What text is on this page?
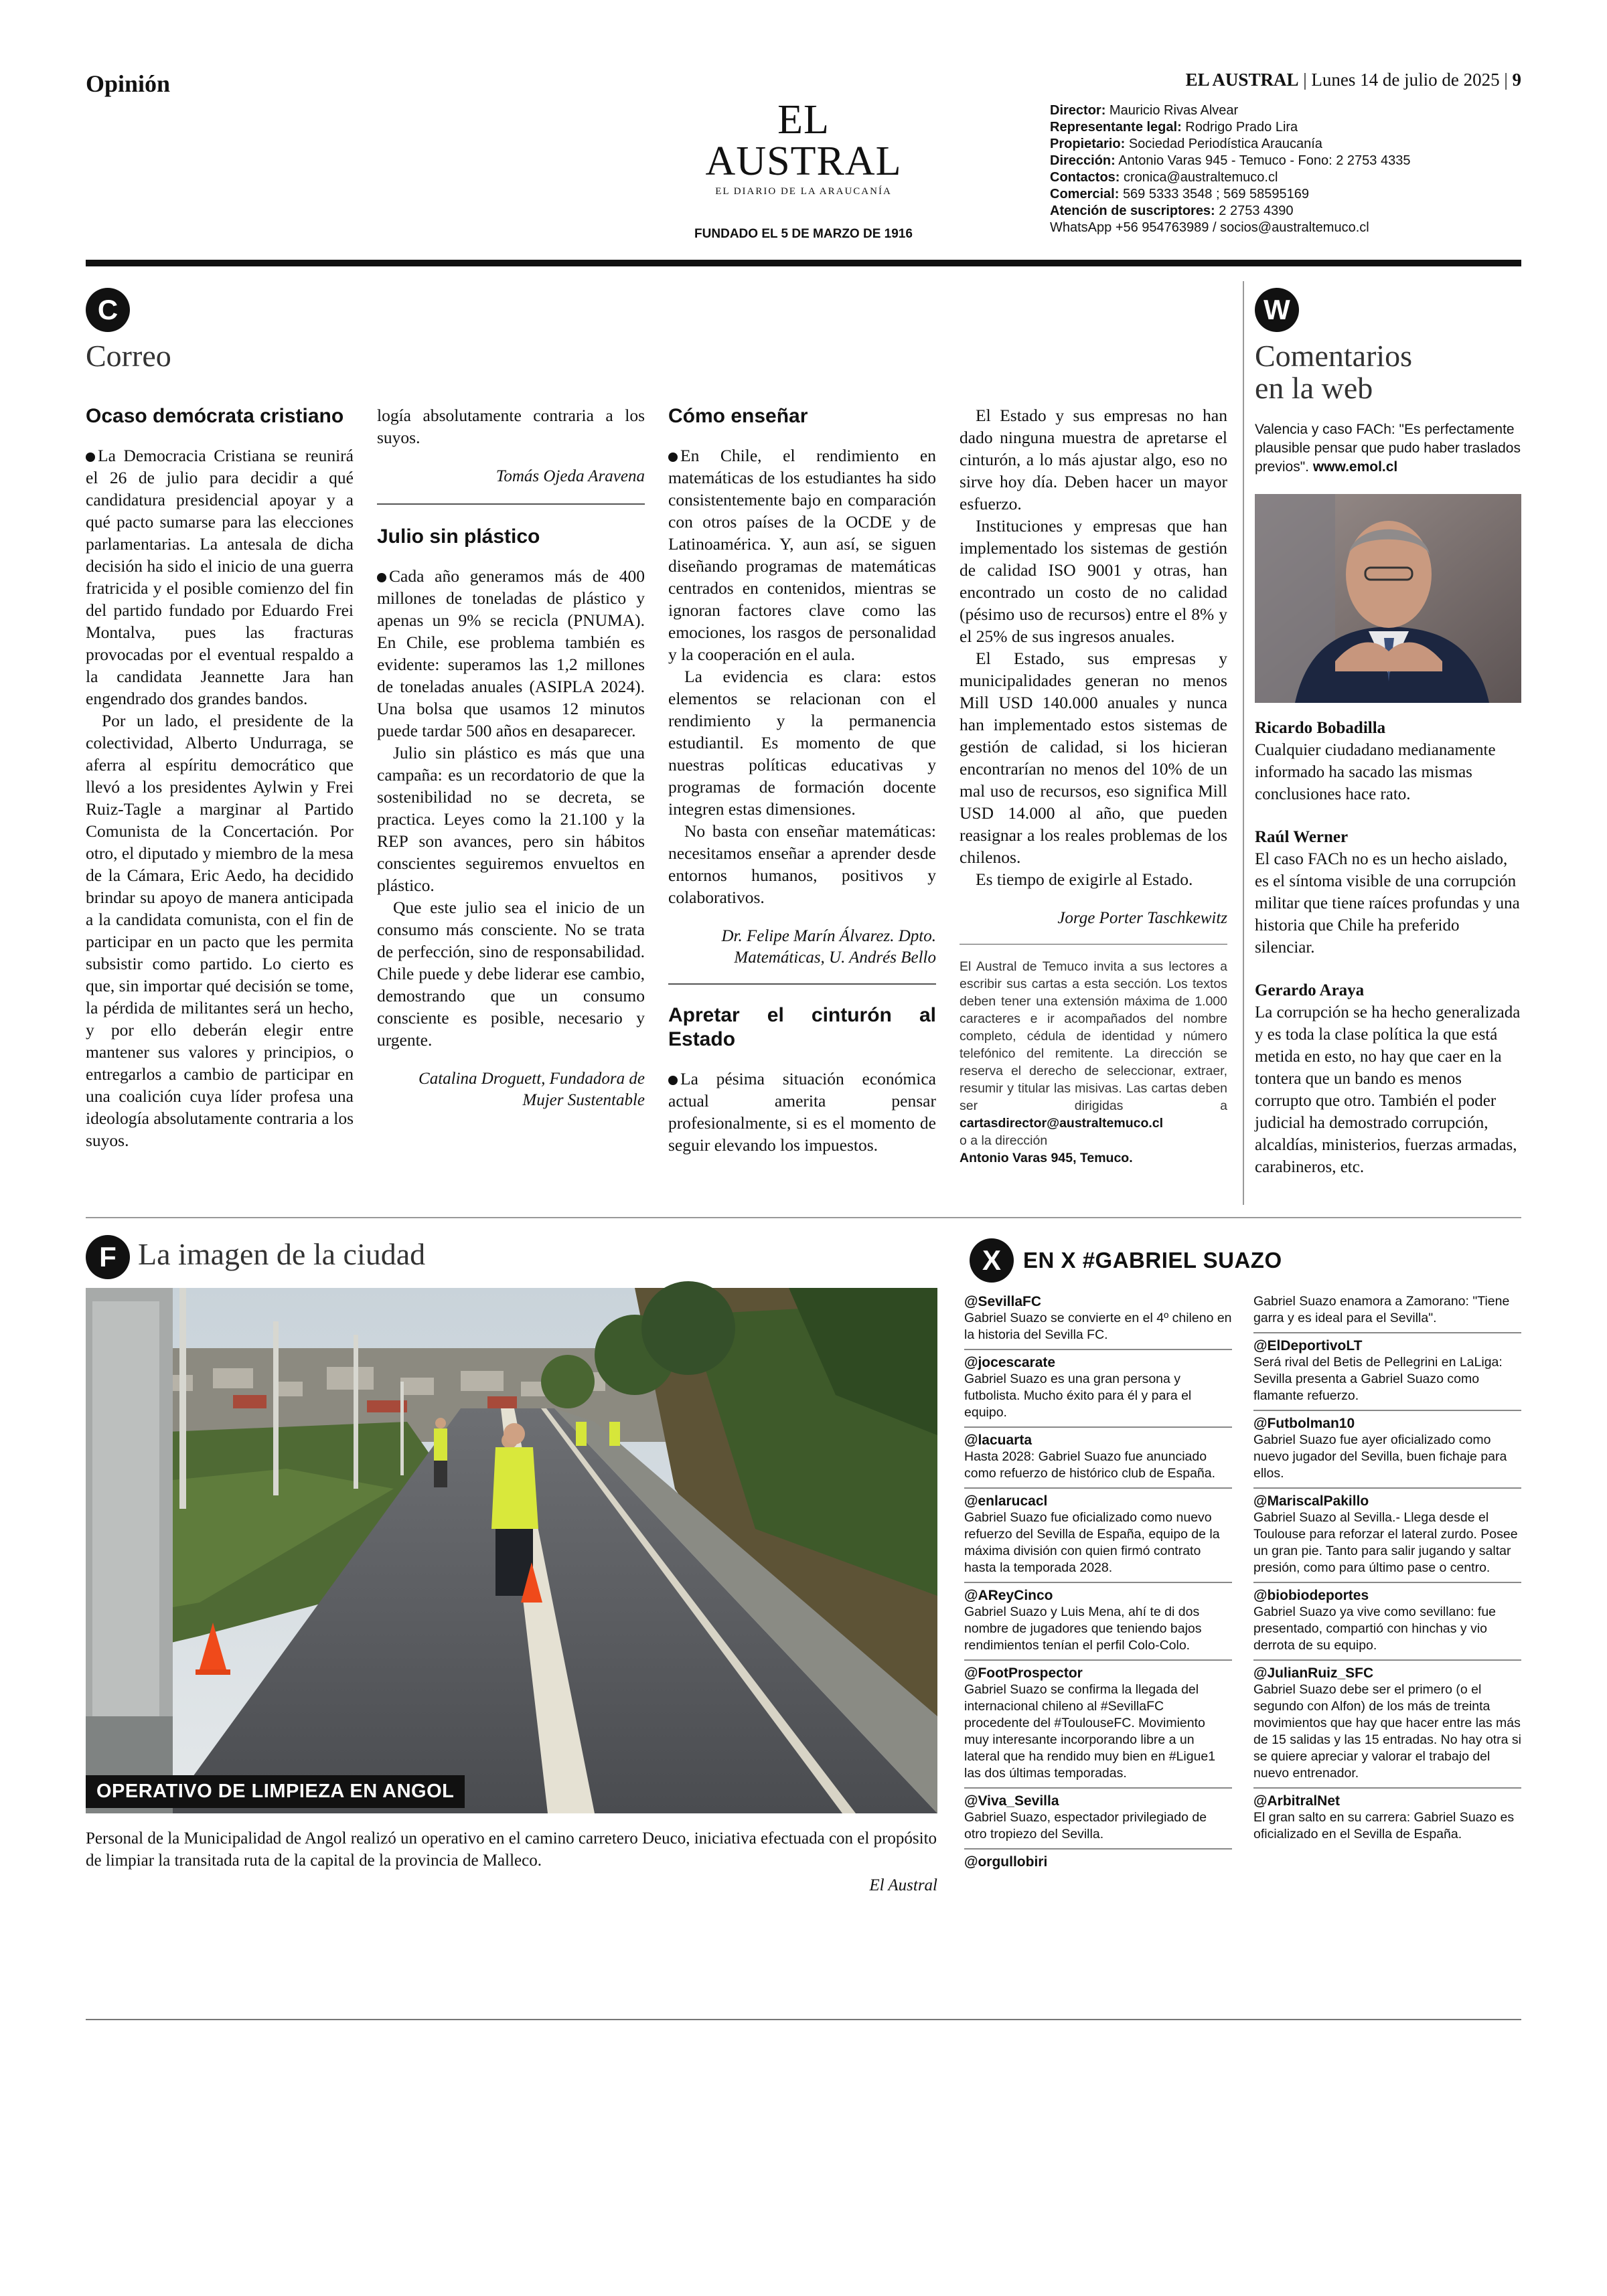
Opinión	EL AUSTRAL | Lunes 14 de julio de 2025 | 9
EL AUSTRAL
EL DIARIO DE LA ARAUCANÍA
FUNDADO EL 5 DE MARZO DE 1916
Director: Mauricio Rivas Alvear
Representante legal: Rodrigo Prado Lira
Propietario: Sociedad Periodística Araucanía
Dirección: Antonio Varas 945 - Temuco - Fono: 2 2753 4335
Contactos: cronica@australtemuco.cl
Comercial: 569 5333 3548 ; 569 58595169
Atención de suscriptores: 2 2753 4390
WhatsApp +56 954763989 / socios@australtemuco.cl
C
Correo
Ocaso demócrata cristiano

La Democracia Cristiana se reunirá el 26 de julio para decidir a qué candidatura presidencial apoyar y a qué pacto sumarse para las elecciones parlamentarias. La antesala de dicha decisión ha sido el inicio de una guerra fratricida y el posible comienzo del fin del partido fundado por Eduardo Frei Montalva, pues las fracturas provocadas por el eventual respaldo a la candidata Jeannette Jara han engendrado dos grandes bandos.

Por un lado, el presidente de la colectividad, Alberto Undurraga, se aferra al espíritu democrático que llevó a los presidentes Aylwin y Frei Ruiz-Tagle a marginar al Partido Comunista de la Concertación. Por otro, el diputado y miembro de la mesa de la Cámara, Eric Aedo, ha decidido brindar su apoyo de manera anticipada a la candidata comunista, con el fin de participar en un pacto que les permita subsistir como partido. Lo cierto es que, sin importar qué decisión se tome, la pérdida de militantes será un hecho, y por ello deberán elegir entre mantener sus valores y principios, o entregarlos a cambio de participar en una coalición cuya líder profesa una ideología absolutamente contraria a los suyos.

logía absolutamente contraria a los suyos.

Tomás Ojeda Aravena
Julio sin plástico

Cada año generamos más de 400 millones de toneladas de plástico y apenas un 9% se recicla (PNUMA). En Chile, ese problema también es evidente: superamos las 1,2 millones de toneladas anuales (ASIPLA 2024). Una bolsa que usamos 12 minutos puede tardar 500 años en desaparecer.

Julio sin plástico es más que una campaña: es un recordatorio de que la sostenibilidad no se decreta, se practica. Leyes como la 21.100 y la REP son avances, pero sin hábitos conscientes seguiremos envueltos en plástico.

Que este julio sea el inicio de un consumo más consciente. No se trata de perfección, sino de responsabilidad. Chile puede y debe liderar ese cambio, demostrando que un consumo consciente es posible, necesario y urgente.

Catalina Droguett, Fundadora de Mujer Sustentable
Cómo enseñar

En Chile, el rendimiento en matemáticas de los estudiantes ha sido consistentemente bajo en comparación con otros países de la OCDE y de Latinoamérica. Y, aun así, se siguen diseñando programas de matemáticas centrados en contenidos, mientras se ignoran factores clave como las emociones, los rasgos de personalidad y la cooperación en el aula.

La evidencia es clara: estos elementos se relacionan con el rendimiento y la permanencia estudiantil. Es momento de que nuestras políticas educativas y programas de formación docente integren estas dimensiones.

No basta con enseñar matemáticas: necesitamos enseñar a aprender desde entornos humanos, positivos y colaborativos.

Dr. Felipe Marín Álvarez. Dpto. Matemáticas, U. Andrés Bello
Apretar el cinturón al Estado

La pésima situación económica actual amerita pensar profesionalmente, si es el momento de seguir elevando los impuestos.

El Estado y sus empresas no han dado ninguna muestra de apretarse el cinturón, a lo más ajustar algo, eso no sirve hoy día. Deben hacer un mayor esfuerzo.

Instituciones y empresas que han implementado los sistemas de gestión de calidad ISO 9001 y otras, han encontrado un costo de no calidad (pésimo uso de recursos) entre el 8% y el 25% de sus ingresos anuales.

El Estado, sus empresas y municipalidades generan no menos Mill USD 140.000 anuales y nunca han implementado estos sistemas de gestión de calidad, si los hicieran encontrarían no menos del 10% de un mal uso de recursos, eso significa Mill USD 14.000 al año, que pueden reasignar a los reales problemas de los chilenos.

Es tiempo de exigirle al Estado.

Jorge Porter Taschkewitz
El Austral de Temuco invita a sus lectores a escribir sus cartas a esta sección. Los textos deben tener una extensión máxima de 1.000 caracteres e ir acompañados del nombre completo, cédula de identidad y número telefónico del remitente. La dirección se reserva el derecho de seleccionar, extraer, resumir y titular las misivas. Las cartas deben ser dirigidas a cartasdirector@australtemuco.cl
o a la dirección
Antonio Varas 945, Temuco.
W
Comentarios
en la web
Valencia y caso FACh: "Es perfectamente plausible pensar que pudo haber traslados previos". www.emol.cl
Ricardo Bobadilla
Cualquier ciudadano medianamente informado ha sacado las mismas conclusiones hace rato.
Raúl Werner
El caso FACh no es un hecho aislado, es el síntoma visible de una corrupción militar que tiene raíces profundas y una historia que Chile ha preferido silenciar.
Gerardo Araya
La corrupción se ha hecho generalizada y es toda la clase política la que está metida en esto, no hay que caer en la tontera que un bando es menos corrupto que otro. También el poder judicial ha demostrado corrupción, alcaldías, ministerios, fuerzas armadas, carabineros, etc.
F La imagen de la ciudad
OPERATIVO DE LIMPIEZA EN ANGOL
Personal de la Municipalidad de Angol realizó un operativo en el camino carretero Deuco, iniciativa efectuada con el propósito de limpiar la transitada ruta de la capital de la provincia de Malleco.
El Austral
X	EN X #GABRIEL SUAZO
@SevillaFC
Gabriel Suazo se convierte en el 4º chileno en la historia del Sevilla FC.
@jocescarate
Gabriel Suazo es una gran persona y futbolista. Mucho éxito para él y para el equipo.
@lacuarta
Hasta 2028: Gabriel Suazo fue anunciado como refuerzo de histórico club de España.
@enlarucacl
Gabriel Suazo fue oficializado como nuevo refuerzo del Sevilla de España, equipo de la máxima división con quien firmó contrato hasta la temporada 2028.
@AReyCinco
Gabriel Suazo y Luis Mena, ahí te di dos nombre de jugadores que teniendo bajos rendimientos tenían el perfil Colo-Colo.
@FootProspector
Gabriel Suazo se confirma la llegada del internacional chileno al #SevillaFC procedente del #ToulouseFC. Movimiento muy interesante incorporando libre a un lateral que ha rendido muy bien en #Ligue1 las dos últimas temporadas.
@Viva_Sevilla
Gabriel Suazo, espectador privilegiado de otro tropiezo del Sevilla.
@orgullobiri
Gabriel Suazo enamora a Zamorano: "Tiene garra y es ideal para el Sevilla".
@ElDeportivoLT
Será rival del Betis de Pellegrini en LaLiga: Sevilla presenta a Gabriel Suazo como flamante refuerzo.
@Futbolman10
Gabriel Suazo fue ayer oficializado como nuevo jugador del Sevilla, buen fichaje para ellos.
@MariscalPakillo
Gabriel Suazo al Sevilla.- Llega desde el Toulouse para reforzar el lateral zurdo. Posee un gran pie. Tanto para salir jugando y saltar presión, como para último pase o centro.
@biobiodeportes
Gabriel Suazo ya vive como sevillano: fue presentado, compartió con hinchas y vio derrota de su equipo.
@JulianRuiz_SFC
Gabriel Suazo debe ser el primero (o el segundo con Alfon) de los más de treinta movimientos que hay que hacer entre las más de 15 salidas y las 15 entradas. No hay otra si se quiere apreciar y valorar el trabajo del nuevo entrenador.
@ArbitralNet
El gran salto en su carrera: Gabriel Suazo es oficializado en el Sevilla de España.
